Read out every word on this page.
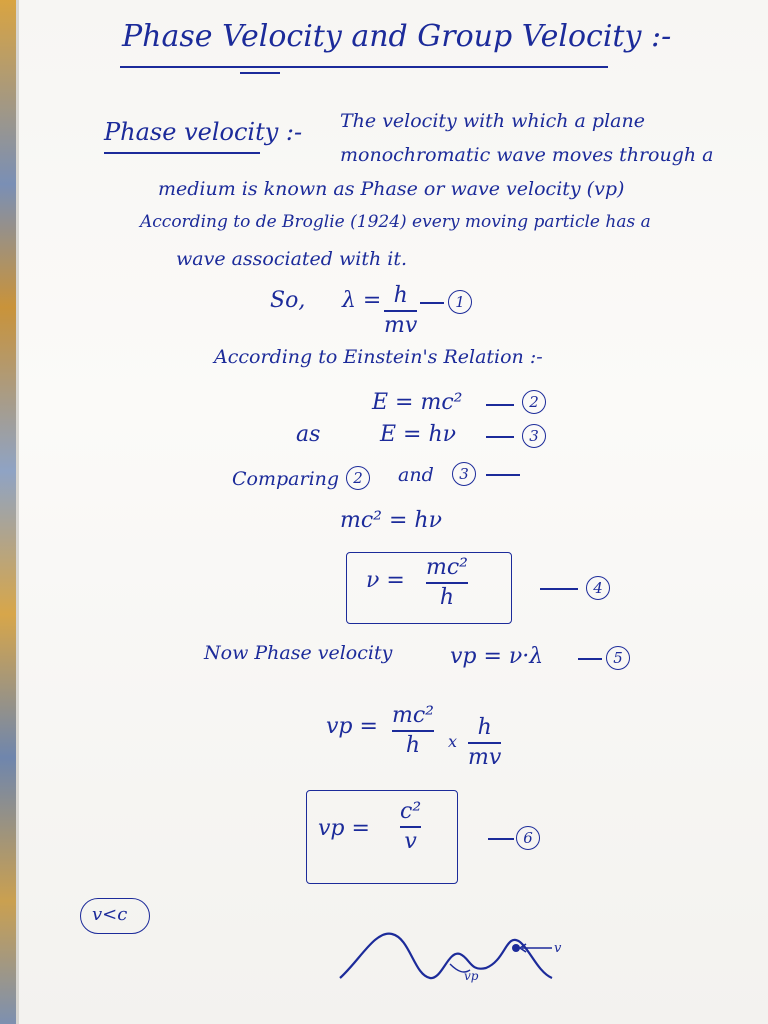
Phase Velocity and Group Velocity :-
Phase velocity :- The velocity with which a plane
monochromatic wave moves through a
medium is known as Phase or wave velocity (vp)
According to de Broglie (1924) every moving particle has a
wave associated with it.
So, λ = h
mv
1
According to Einstein's Relation :-
E = mc²	2
as	E = hν	3
Comparing 2	and	3
mc² = hν
ν =
mc²
h	4
Now Phase velocity	vp = ν·λ	5
vp = mc²
h x
h
mv
vp =
c²
v	6
v<c
v
vp
